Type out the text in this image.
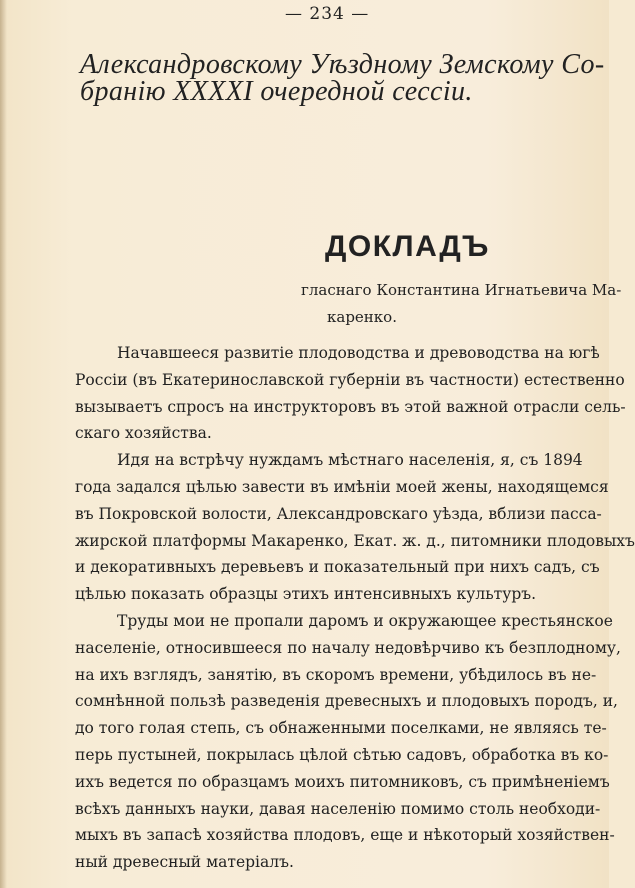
— 234 —
Александровскому Уѣздному Земскому Со-
бранію XXXXI очередной сессіи.
ДОКЛАДЪ
гласнаго Константина Игнатьевича Ма-
каренко.
Начавшееся развитіе плодоводства и древоводства на югѣ
Россіи (въ Екатеринославской губерніи въ частности) естественно
вызываетъ спросъ на инструкторовъ въ этой важной отрасли сель-
скаго хозяйства.
Идя на встрѣчу нуждамъ мѣстнаго населенія, я, съ 1894
года задался цѣлью завести въ имѣніи моей жены, находящемся
въ Покровской волости, Александровскаго уѣзда, вблизи пасса-
жирской платформы Макаренко, Екат. ж. д., питомники плодовыхъ
и декоративныхъ деревьевъ и показательный при нихъ садъ, съ
цѣлью показать образцы этихъ интенсивныхъ культуръ.
Труды мои не пропали даромъ и окружающее крестьянское
населеніе, относившееся по началу недовѣрчиво къ безплодному,
на ихъ взглядъ, занятію, въ скоромъ времени, убѣдилось въ не-
сомнѣнной пользѣ разведенія древесныхъ и плодовыхъ породъ, и,
до того голая степь, съ обнаженными поселками, не являясь те-
перь пустыней, покрылась цѣлой сѣтью садовъ, обработка въ ко-
ихъ ведется по образцамъ моихъ питомниковъ, съ примѣненіемъ
всѣхъ данныхъ науки, давая населенію помимо столь необходи-
мыхъ въ запасѣ хозяйства плодовъ, еще и нѣкоторый хозяйствен-
ный древесный матеріалъ.
